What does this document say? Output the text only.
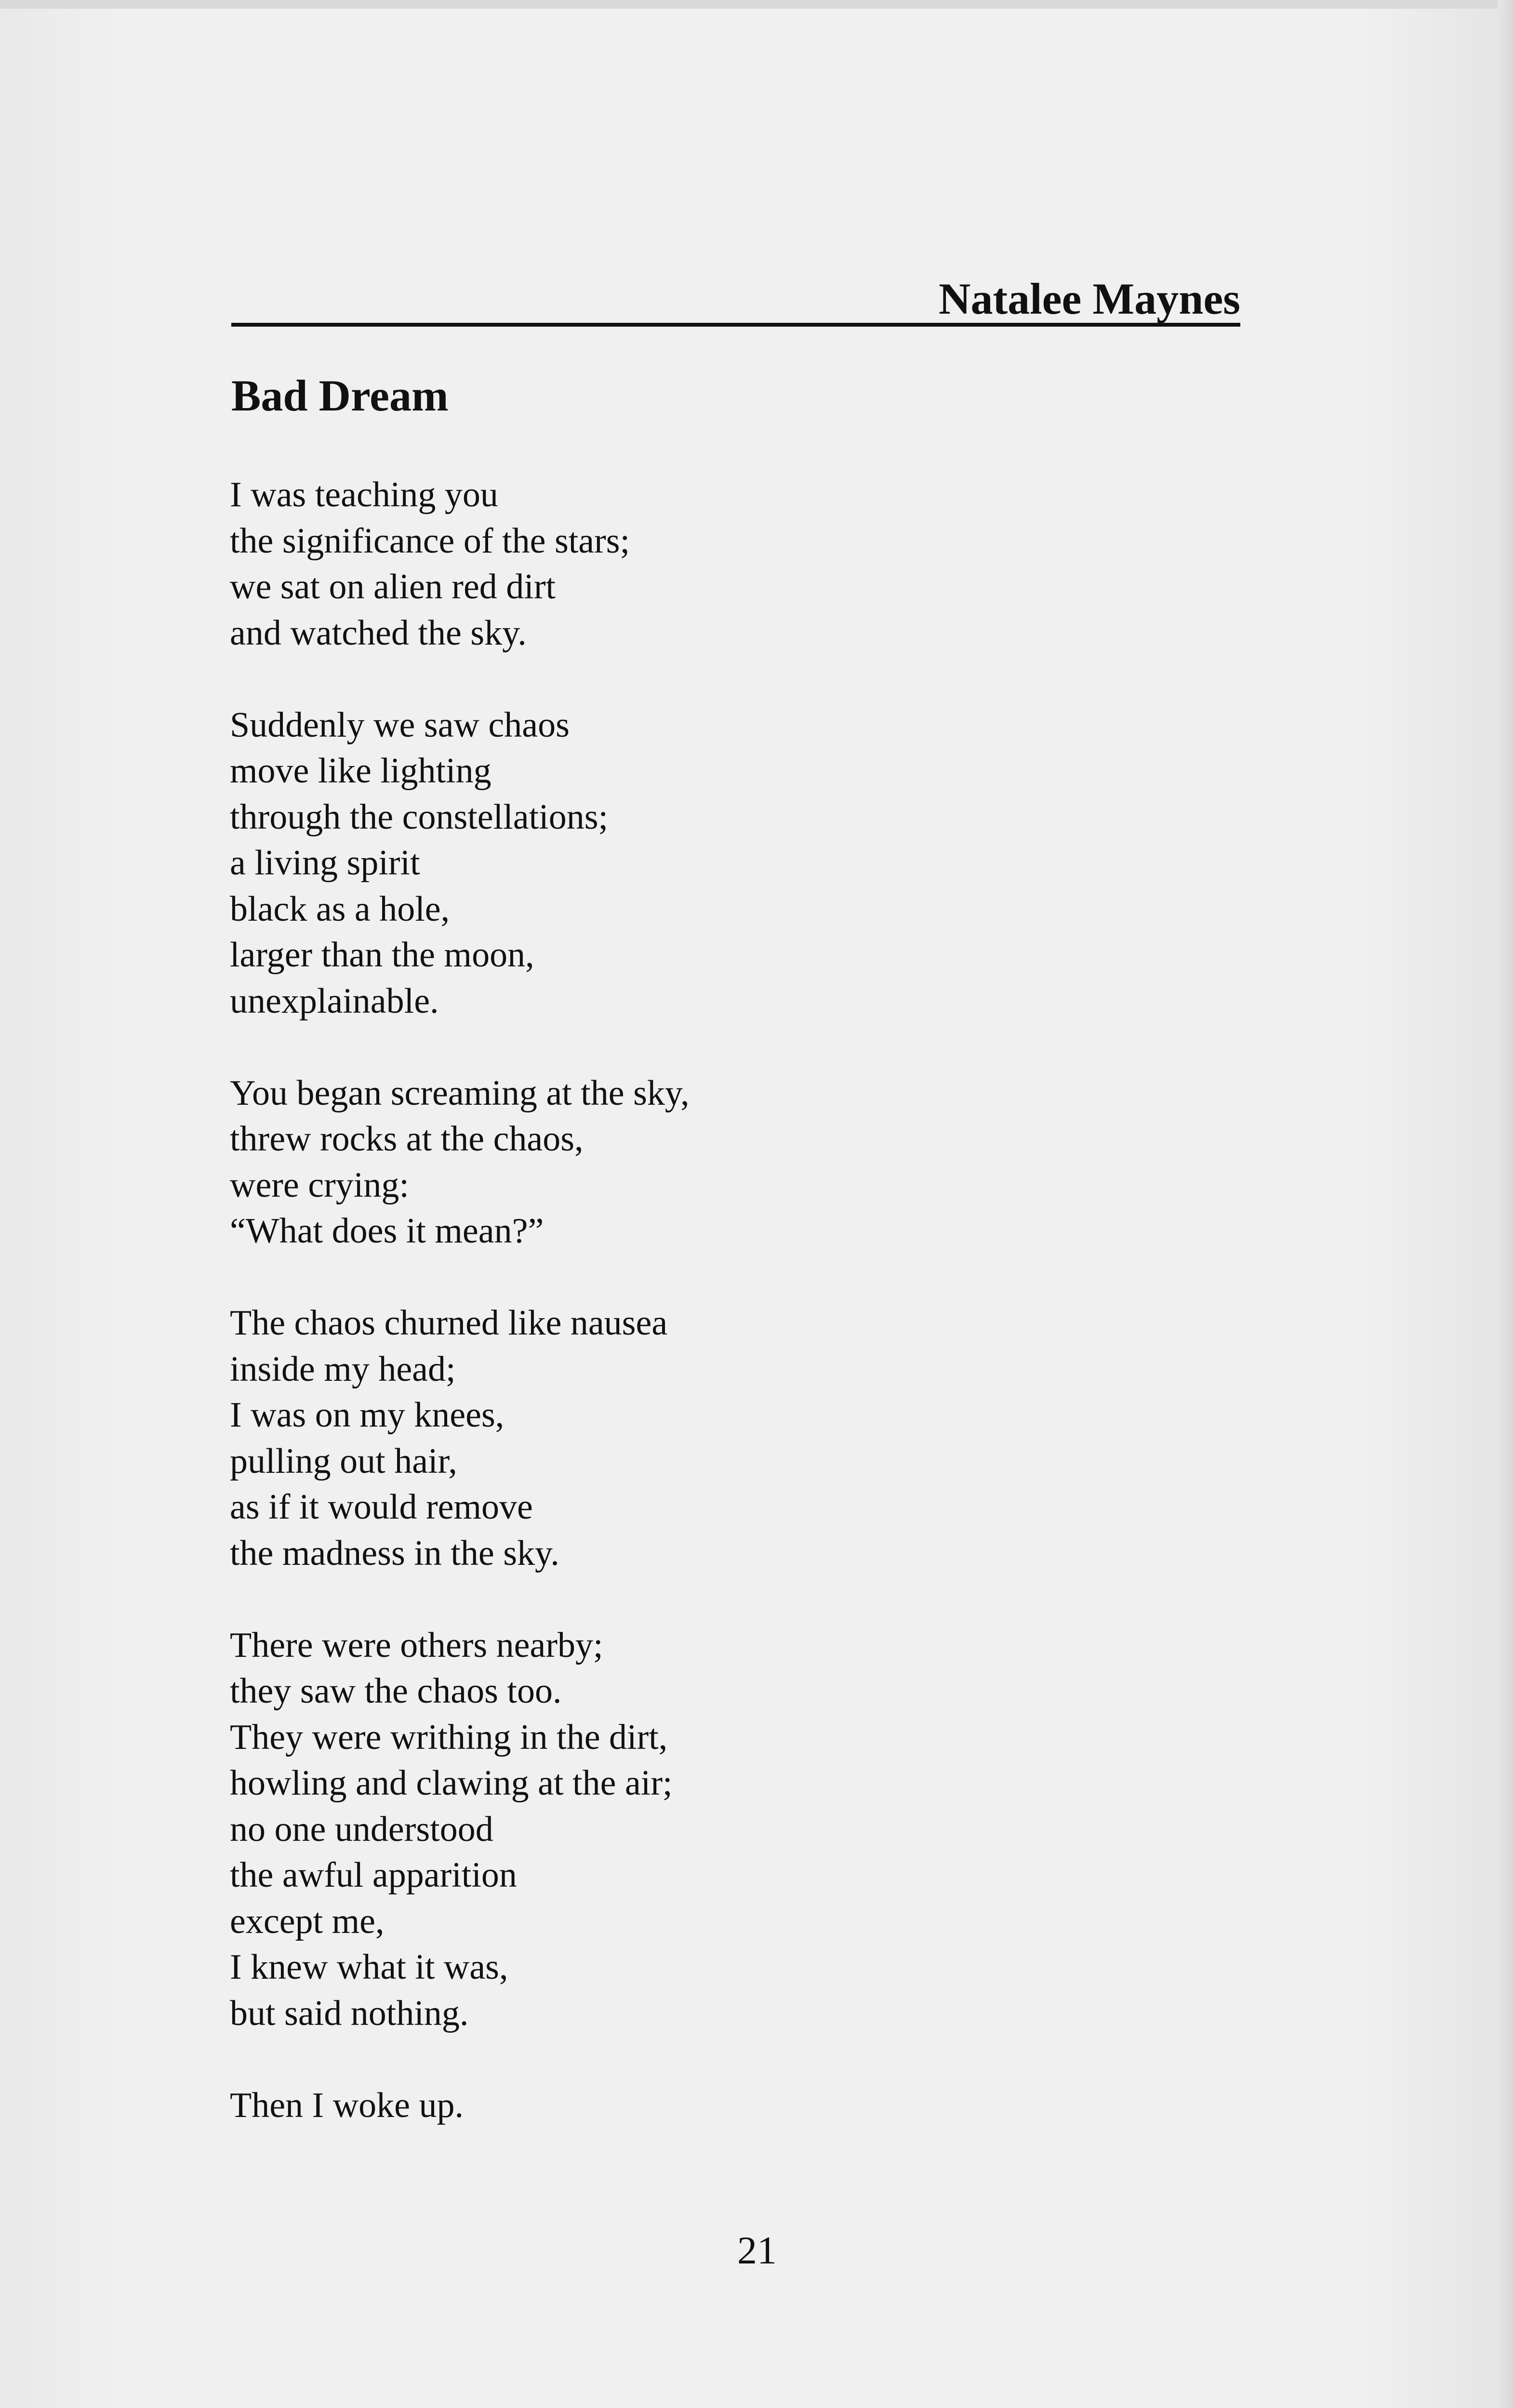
Natalee Maynes
Bad Dream
I was teaching you
the significance of the stars;
we sat on alien red dirt
and watched the sky.
Suddenly we saw chaos
move like lighting
through the constellations;
a living spirit
black as a hole,
larger than the moon,
unexplainable.
You began screaming at the sky,
threw rocks at the chaos,
were crying:
“What does it mean?”
The chaos churned like nausea
inside my head;
I was on my knees,
pulling out hair,
as if it would remove
the madness in the sky.
There were others nearby;
they saw the chaos too.
They were writhing in the dirt,
howling and clawing at the air;
no one understood
the awful apparition
except me,
I knew what it was,
but said nothing.
Then I woke up.
21
